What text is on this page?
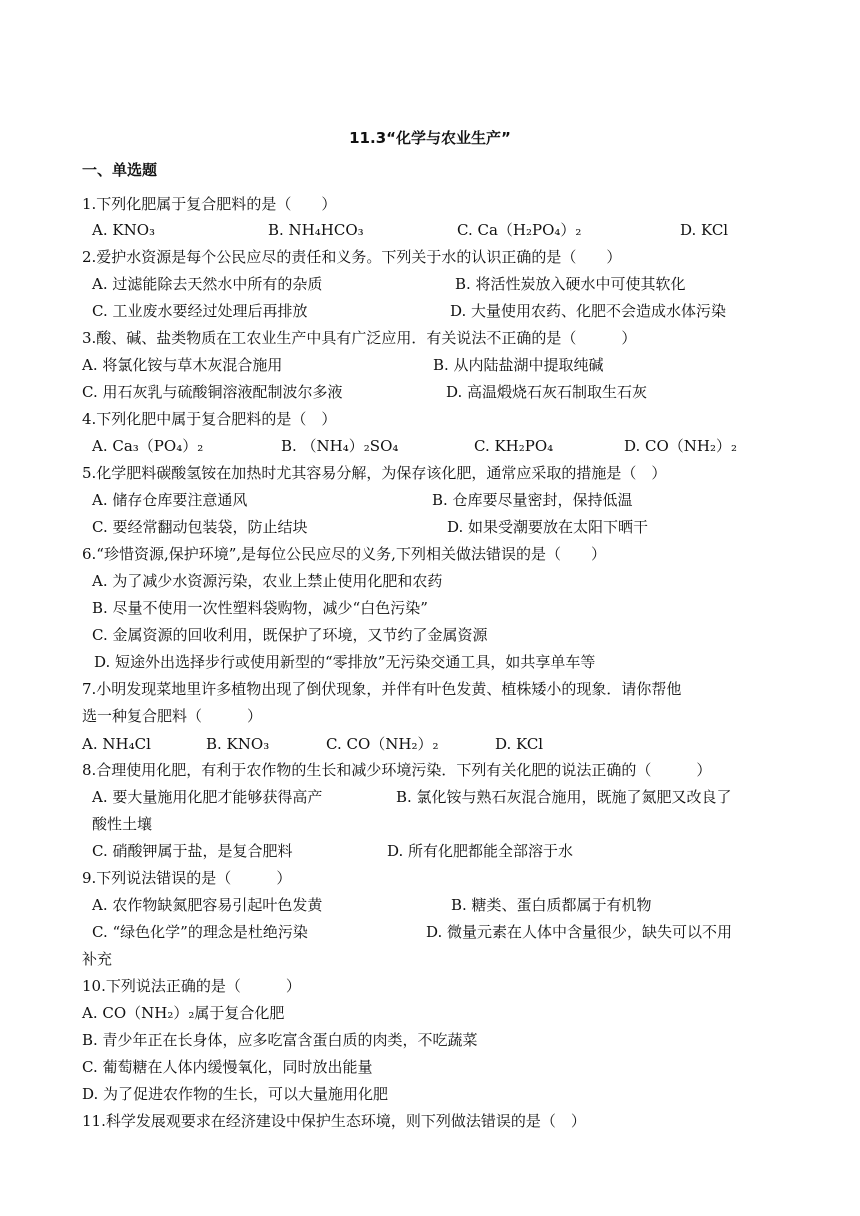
11.3“化学与农业生产”
一、单选题
1.下列化肥属于复合肥料的是（　　）
A. KNO₃	B. NH₄HCO₃	C. Ca（H₂PO₄）₂	D. KCl
2.爱护水资源是每个公民应尽的责任和义务。下列关于水的认识正确的是（　　）
A. 过滤能除去天然水中所有的杂质	B. 将活性炭放入硬水中可使其软化
C. 工业废水要经过处理后再排放	D. 大量使用农药、化肥不会造成水体污染
3.酸、碱、盐类物质在工农业生产中具有广泛应用．有关说法不正确的是（　　　）
A. 将氯化铵与草木灰混合施用	B. 从内陆盐湖中提取纯碱
C. 用石灰乳与硫酸铜溶液配制波尔多液	D. 高温煅烧石灰石制取生石灰
4.下列化肥中属于复合肥料的是（　）
A. Ca₃（PO₄）₂	B. （NH₄）₂SO₄	C. KH₂PO₄	D. CO（NH₂）₂
5.化学肥料碳酸氢铵在加热时尤其容易分解，为保存该化肥，通常应采取的措施是（　）
A. 储存仓库要注意通风	B. 仓库要尽量密封，保持低温
C. 要经常翻动包装袋，防止结块	D. 如果受潮要放在太阳下晒干
6.“珍惜资源,保护环境”,是每位公民应尽的义务,下列相关做法错误的是（　　）
A. 为了减少水资源污染，农业上禁止使用化肥和农药
B. 尽量不使用一次性塑料袋购物，减少“白色污染”
C. 金属资源的回收利用，既保护了环境，又节约了金属资源
D. 短途外出选择步行或使用新型的“零排放”无污染交通工具，如共享单车等
7.小明发现菜地里许多植物出现了倒伏现象，并伴有叶色发黄、植株矮小的现象．请你帮他
选一种复合肥料（　　　）
A. NH₄Cl	B. KNO₃	C. CO（NH₂）₂	D. KCl
8.合理使用化肥，有利于农作物的生长和减少环境污染．下列有关化肥的说法正确的（　　　）
A. 要大量施用化肥才能够获得高产	B. 氯化铵与熟石灰混合施用，既施了氮肥又改良了
酸性土壤
C. 硝酸钾属于盐，是复合肥料	D. 所有化肥都能全部溶于水
9.下列说法错误的是（　　　）
A. 农作物缺氮肥容易引起叶色发黄	B. 糖类、蛋白质都属于有机物
C. “绿色化学”的理念是杜绝污染	D. 微量元素在人体中含量很少，缺失可以不用
补充
10.下列说法正确的是（　　　）
A. CO（NH₂）₂属于复合化肥
B. 青少年正在长身体，应多吃富含蛋白质的肉类，不吃蔬菜
C. 葡萄糖在人体内缓慢氧化，同时放出能量
D. 为了促进农作物的生长，可以大量施用化肥
11.科学发展观要求在经济建设中保护生态环境，则下列做法错误的是（　）
